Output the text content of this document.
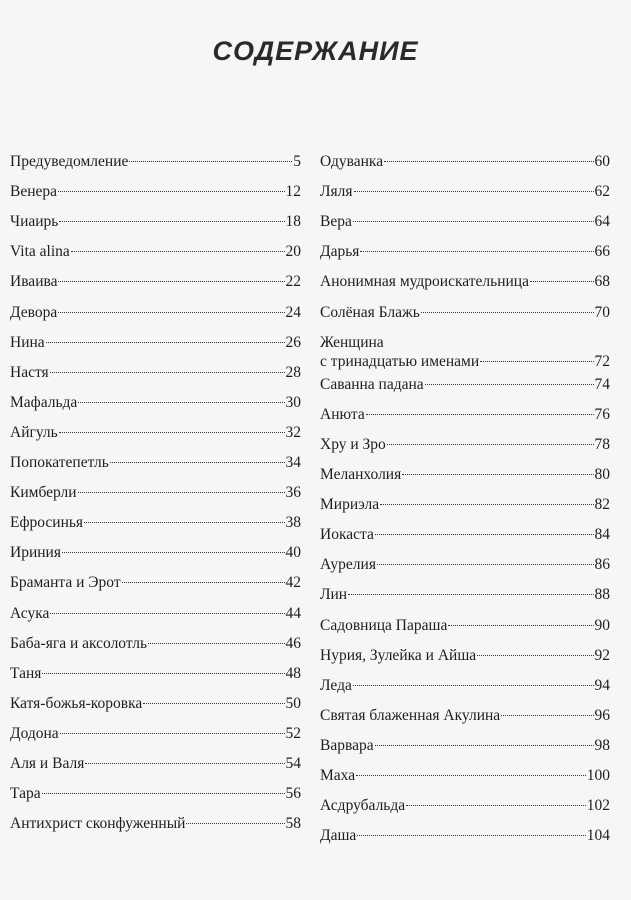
СОДЕРЖАНИЕ
Предуведомление	5
Венера	12
Чиаирь	18
Vita alina	20
Иваива	22
Девора	24
Нина	26
Настя	28
Мафальда	30
Айгуль	32
Попокатепетль	34
Кимберли	36
Ефросинья	38
Ириния	40
Браманта и Эрот	42
Асука	44
Баба-яга и аксолотль	46
Таня	48
Катя-божья-коровка	50
Додона	52
Аля и Валя	54
Тара	56
Антихрист сконфуженный	58
Одуванка	60
Ляля	62
Вера	64
Дарья	66
Анонимная мудроискательница	68
Солёная Блажь	70
Женщина
с тринадцатью именами	72
Саванна падана	74
Анюта	76
Хру и Зро	78
Меланхолия	80
Мириэла	82
Иокаста	84
Аурелия	86
Лин	88
Садовница Параша	90
Нурия, Зулейка и Айша	92
Леда	94
Святая блаженная Акулина	96
Варвара	98
Маха	100
Асдрубальда	102
Даша	104
